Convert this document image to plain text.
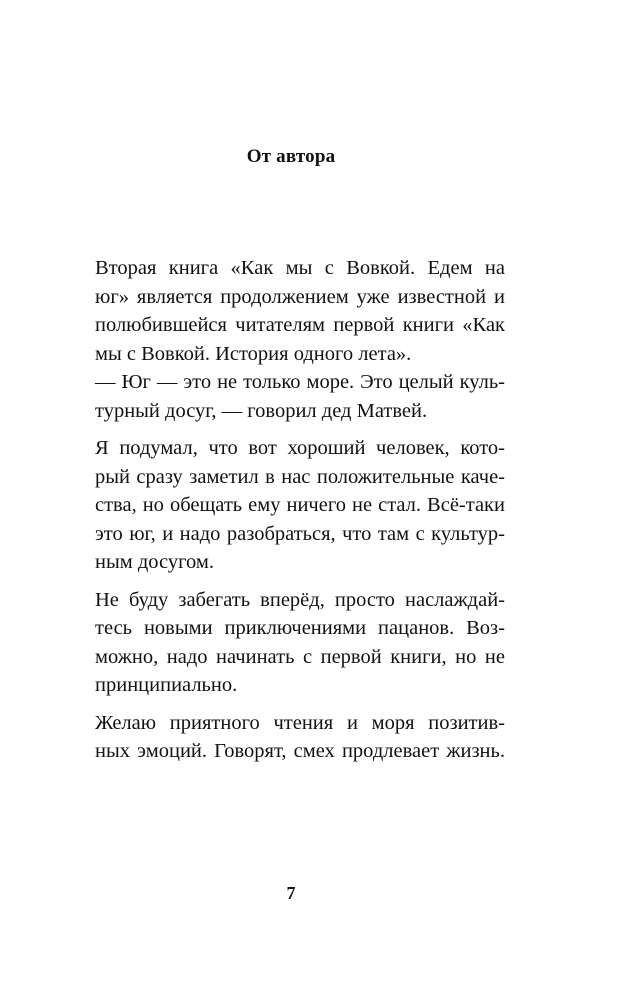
От автора
Вторая книга «Как мы с Вовкой. Едем на
юг» является продолжением уже известной и
полюбившейся читателям первой книги «Как
мы с Вовкой. История одного лета».
— Юг — это не только море. Это целый куль-
турный досуг, — говорил дед Матвей.
Я подумал, что вот хороший человек, кото-
рый сразу заметил в нас положительные каче-
ства, но обещать ему ничего не стал. Всё-таки
это юг, и надо разобраться, что там с культур-
ным досугом.
Не буду забегать вперёд, просто наслаждай-
тесь новыми приключениями пацанов. Воз-
можно, надо начинать с первой книги, но не
принципиально.
Желаю приятного чтения и моря позитив-
ных эмоций. Говорят, смех продлевает жизнь.
7
